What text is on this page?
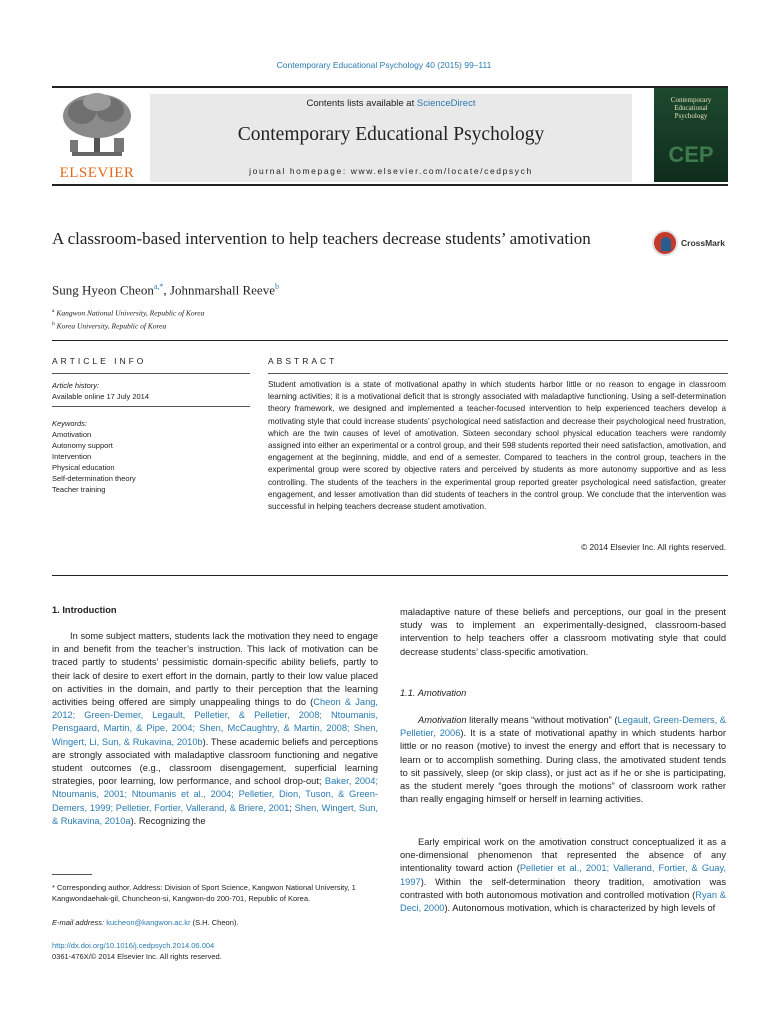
Contemporary Educational Psychology 40 (2015) 99–111
ELSEVIER
Contents lists available at ScienceDirect
Contemporary Educational Psychology
journal homepage: www.elsevier.com/locate/cedpsych
Contemporary
Educational
Psychology
CEP
A classroom-based intervention to help teachers decrease students’ amotivation	CrossMark
Sung Hyeon Cheon$^{a,*}$, Johnmarshall Reeve$^b$
$^a$ Kangwon National University, Republic of Korea
$^b$ Korea University, Republic of Korea
ARTICLE INFO	ABSTRACT
Article history:
Available online 17 July 2014
Keywords:
Amotivation
Autonomy support
Intervention
Physical education
Self-determination theory
Teacher training
Student amotivation is a state of motivational apathy in which students harbor little or no reason to engage in classroom learning activities; it is a motivational deficit that is strongly associated with maladaptive functioning. Using a self-determination theory framework, we designed and implemented a teacher-focused intervention to help experienced teachers develop a motivating style that could increase students’ psychological need satisfaction and decrease their psychological need frustration, which are the twin causes of level of amotivation. Sixteen secondary school physical education teachers were randomly assigned into either an experimental or a control group, and their 598 students reported their need satisfaction, amotivation, and engagement at the beginning, middle, and end of a semester. Compared to teachers in the control group, teachers in the experimental group were scored by objective raters and perceived by students as more autonomy supportive and as less controlling. The students of the teachers in the experimental group reported greater psychological need satisfaction, greater engagement, and lesser amotivation than did students of teachers in the control group. We conclude that the intervention was successful in helping teachers decrease student amotivation.
© 2014 Elsevier Inc. All rights reserved.
1. Introduction
In some subject matters, students lack the motivation they need to engage in and benefit from the teacher’s instruction. This lack of motivation can be traced partly to students’ pessimistic domain-specific ability beliefs, partly to their lack of desire to exert effort in the domain, partly to their low value placed on activities in the domain, and partly to their perception that the learning activities being offered are simply unappealing things to do (Cheon & Jang, 2012; Green-Demer, Legault, Pelletier, & Pelletier, 2008; Ntoumanis, Pensgaard, Martin, & Pipe, 2004; Shen, McCaughtry, & Martin, 2008; Shen, Wingert, Li, Sun, & Rukavina, 2010b). These academic beliefs and perceptions are strongly associated with maladaptive classroom functioning and negative student outcomes (e.g., classroom disengagement, superficial learning strategies, poor learning, low performance, and school drop-out; Baker, 2004; Ntoumanis, 2001; Ntoumanis et al., 2004; Pelletier, Dion, Tuson, & Green-Demers, 1999; Pelletier, Fortier, Vallerand, & Briere, 2001; Shen, Wingert, Sun, & Rukavina, 2010a). Recognizing the
* Corresponding author. Address: Division of Sport Science, Kangwon National University, 1 Kangwondaehak-gil, Chuncheon-si, Kangwon-do 200-701, Republic of Korea.
E-mail address: kucheon@kangwon.ac.kr (S.H. Cheon).
http://dx.doi.org/10.1016/j.cedpsych.2014.06.004
0361-476X/© 2014 Elsevier Inc. All rights reserved.
maladaptive nature of these beliefs and perceptions, our goal in the present study was to implement an experimentally-designed, classroom-based intervention to help teachers offer a classroom motivating style that could decrease students’ class-specific amotivation.
1.1. Amotivation
Amotivation literally means “without motivation” (Legault, Green-Demers, & Pelletier, 2006). It is a state of motivational apathy in which students harbor little or no reason (motive) to invest the energy and effort that is necessary to learn or to accomplish something. During class, the amotivated student tends to sit passively, sleep (or skip class), or just act as if he or she is participating, as the student merely “goes through the motions” of classroom work rather than really engaging himself or herself in learning activities.
Early empirical work on the amotivation construct conceptualized it as a one-dimensional phenomenon that represented the absence of any intentionality toward action (Pelletier et al., 2001; Vallerand, Fortier, & Guay, 1997). Within the self-determination theory tradition, amotivation was contrasted with both autonomous motivation and controlled motivation (Ryan & Deci, 2000). Autonomous motivation, which is characterized by high levels of
